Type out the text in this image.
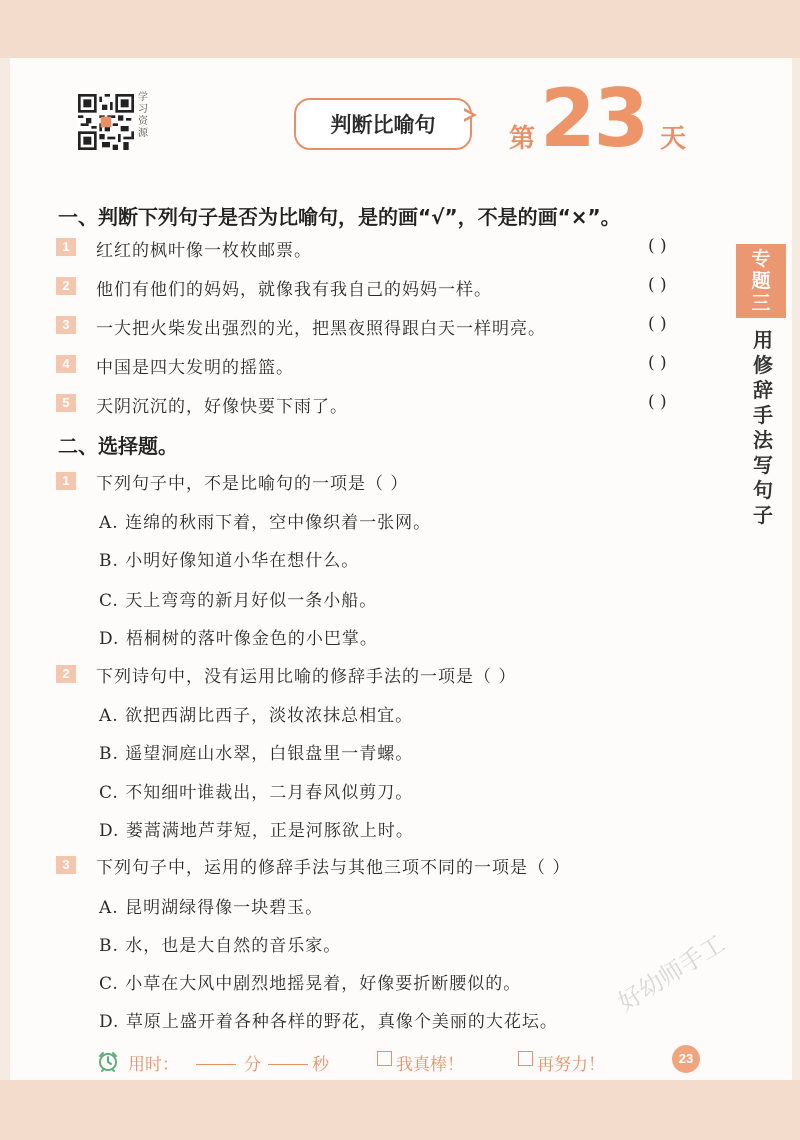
学习资源	判断比喻句	第 23 天
专
题
三
用
修
辞
手
法
写
句
子
一、判断下列句子是否为比喻句，是的画“√”，不是的画“×”。
1	红红的枫叶像一枚枚邮票。	( )
2	他们有他们的妈妈，就像我有我自己的妈妈一样。	( )
3	一大把火柴发出强烈的光，把黑夜照得跟白天一样明亮。	( )
4	中国是四大发明的摇篮。	( )
5	天阴沉沉的，好像快要下雨了。	( )
二、选择题。
1	下列句子中，不是比喻句的一项是（ ）
A. 连绵的秋雨下着，空中像织着一张网。
B. 小明好像知道小华在想什么。
C. 天上弯弯的新月好似一条小船。
D. 梧桐树的落叶像金色的小巴掌。
2	下列诗句中，没有运用比喻的修辞手法的一项是（ ）
A. 欲把西湖比西子，淡妆浓抹总相宜。
B. 遥望洞庭山水翠，白银盘里一青螺。
C. 不知细叶谁裁出，二月春风似剪刀。
D. 蒌蒿满地芦芽短，正是河豚欲上时。
3	下列句子中，运用的修辞手法与其他三项不同的一项是（ ）
A. 昆明湖绿得像一块碧玉。
B. 水，也是大自然的音乐家。
C. 小草在大风中剧烈地摇晃着，好像要折断腰似的。
D. 草原上盛开着各种各样的野花，真像个美丽的大花坛。
用时：	分	秒	我真棒！	再努力！	23
好幼师手工
